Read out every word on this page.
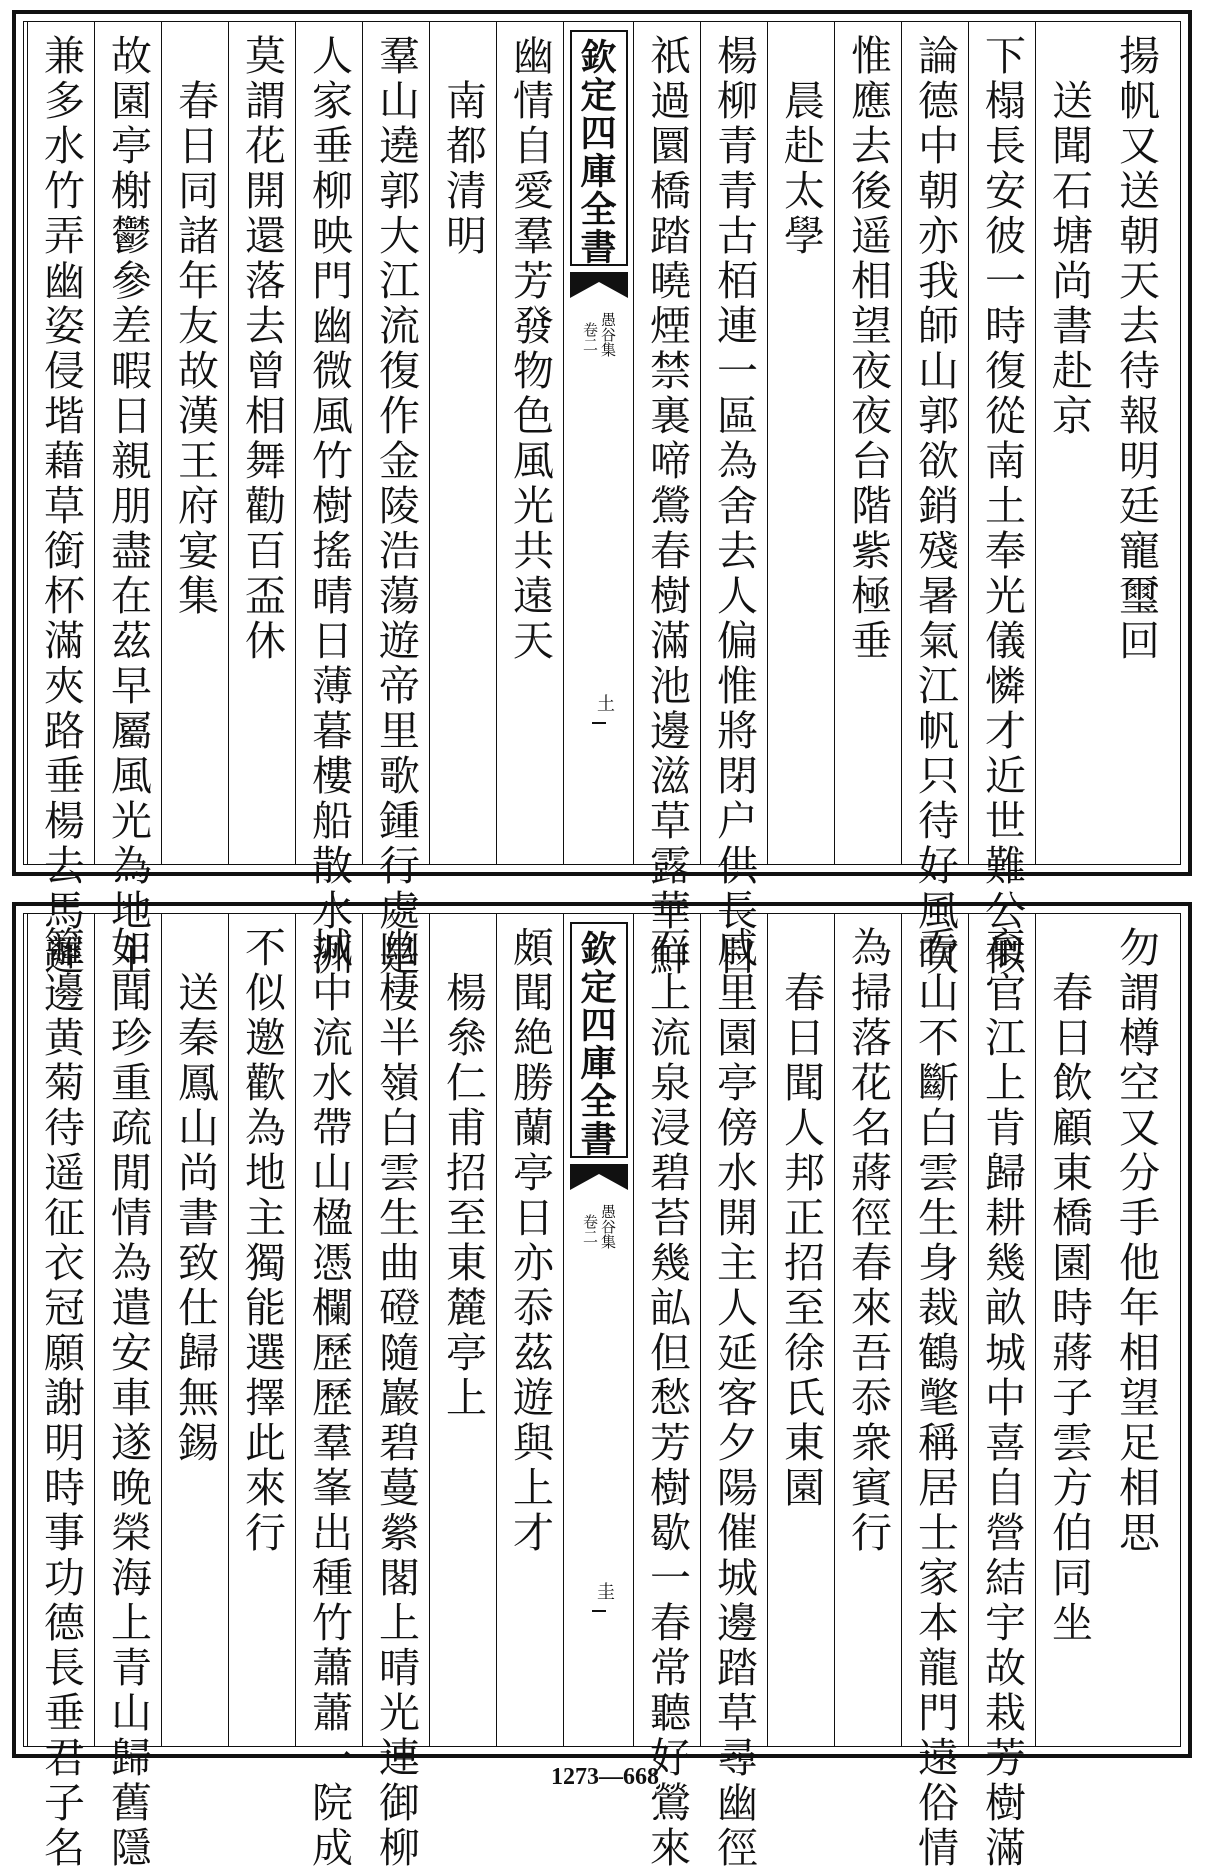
揚帆又送朝天去待報明廷寵璽回
　送聞石塘尚書赴京
下榻長安彼一時復從南土奉光儀憐才近世難公似
論德中朝亦我師山郭欲銷殘暑氣江帆只待好風吹
惟應去後遥相望夜夜台階紫極垂
　晨赴太學
楊柳青青古栢連一區為舍去人偏惟將閉户供長日
祇過圜橋踏曉煙禁裏啼鶯春樹滿池邊滋草露華鮮
欽定四庫全書
愚谷集
卷二
土
幽情自愛羣芳發物色風光共遠天
　南都清明
羣山遶郭大江流復作金陵浩蕩遊帝里歌鍾行處是
人家垂柳映門幽微風竹樹搖晴日薄暮樓船散水洲
莫謂花開還落去曾相舞勸百盃休
　春日同諸年友故漢王府宴集
故園亭榭鬱參差暇日親朋盡在茲早屬風光為地主
兼多水竹弄幽姿侵堦藉草銜杯滿夾路垂楊去馬遲
勿謂樽空又分手他年相望足相思
　春日飲顧東橋園時蔣子雲方伯同坐
棄官江上肯歸耕幾畝城中喜自營結宇故栽芳樹滿
看山不斷白雲生身裁鶴氅稱居士家本龍門遠俗情
為掃落花名蔣徑春來吾忝衆賓行
　春日聞人邦正招至徐氏東園
戚里園亭傍水開主人延客夕陽催城邊踏草尋幽徑
石上流泉浸碧苔幾畆但愁芳樹歇一春常聽好鶯來
欽定四庫全書
愚谷集
卷二
圭
頗聞絶勝蘭亭日亦忝茲遊與上才
　楊叅仁甫招至東麓亭上
幽棲半嶺白雲生曲磴隨巖碧蔓縈閣上晴光連御柳
城中流水帶山楹憑欄歷歷羣峯出種竹蕭蕭一院成
不似邀歡為地主獨能選擇此來行
　送秦鳳山尚書致仕歸無錫
如聞珍重疏閒情為遣安車遂晚榮海上青山歸舊隱
籬邊黄菊待遥征衣冠願謝明時事功德長垂君子名	1273—668
